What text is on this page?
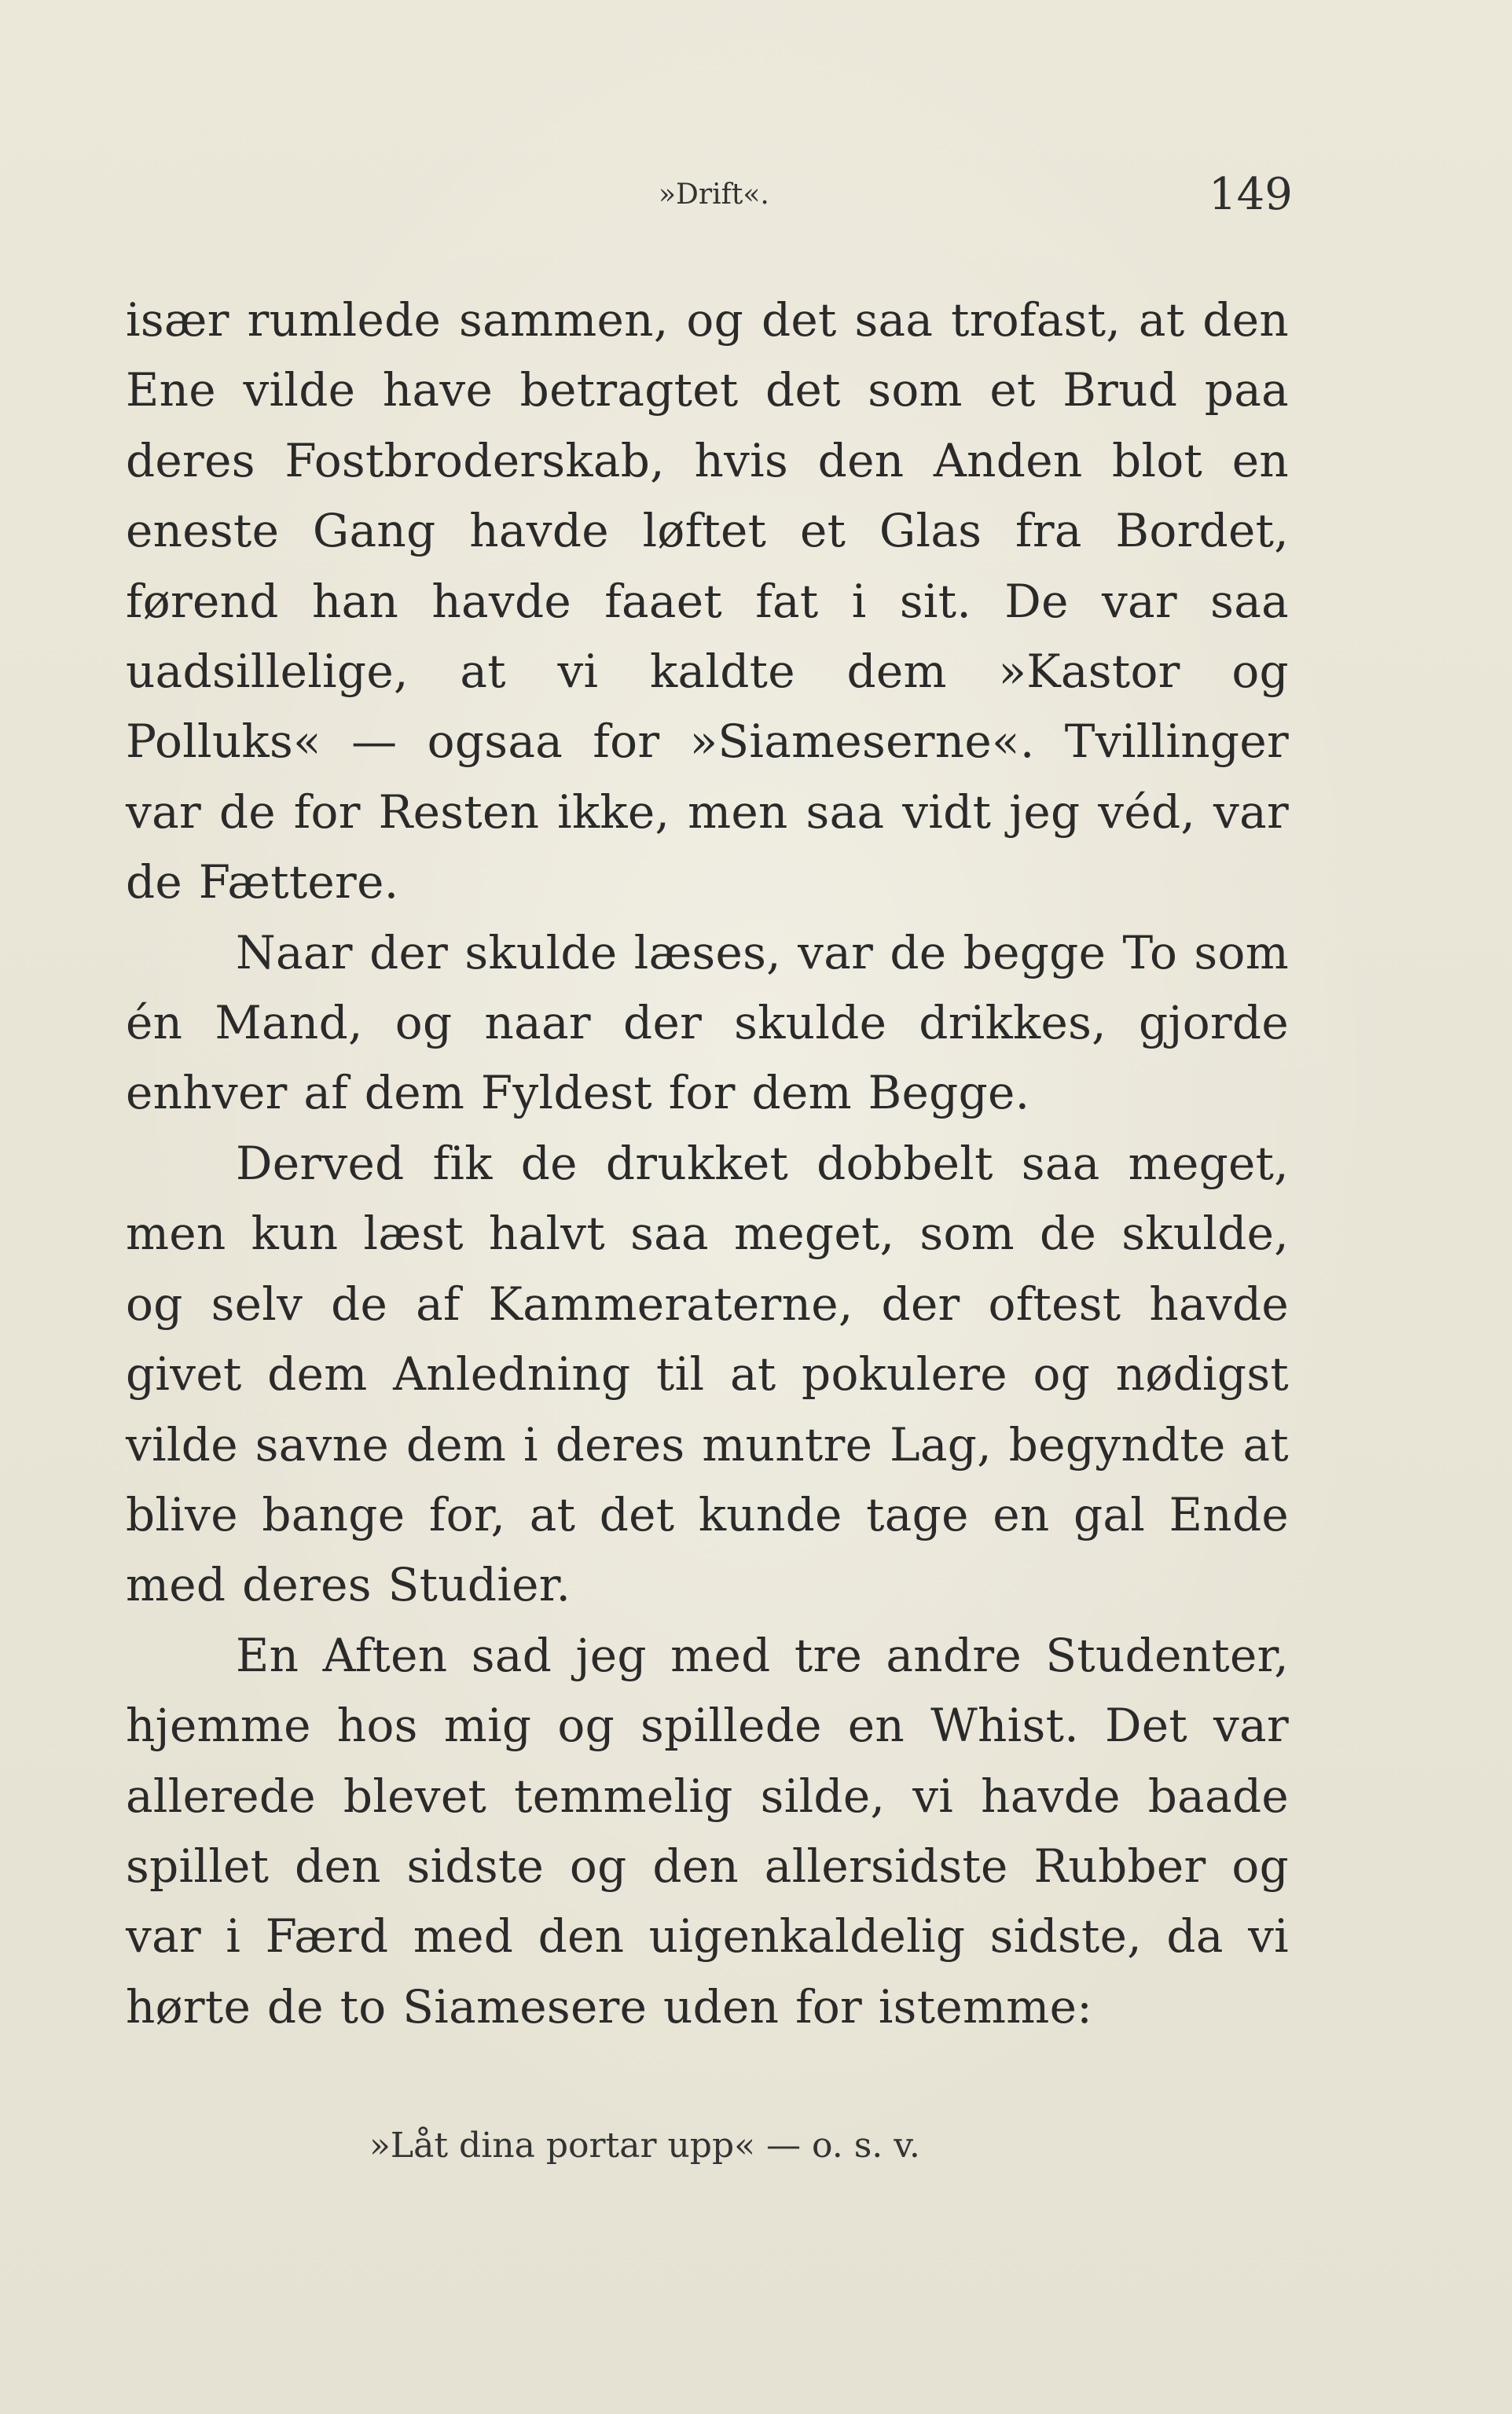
»Drift«.	149

især rumlede sammen, og det saa trofast, at den Ene vilde have betragtet det som et Brud paa deres Fostbroderskab, hvis den Anden blot en eneste Gang havde løftet et Glas fra Bordet, førend han havde faaet fat i sit. De var saa uadsillelige, at vi kaldte dem »Kastor og Polluks« — ogsaa for »Siameserne«. Tvillinger var de for Resten ikke, men saa vidt jeg véd, var de Fættere.

Naar der skulde læses, var de begge To som én Mand, og naar der skulde drikkes, gjorde enhver af dem Fyldest for dem Begge.

Derved fik de drukket dobbelt saa meget, men kun læst halvt saa meget, som de skulde, og selv de af Kammeraterne, der oftest havde givet dem Anledning til at pokulere og nødigst vilde savne dem i deres muntre Lag, begyndte at blive bange for, at det kunde tage en gal Ende med deres Studier.

En Aften sad jeg med tre andre Studenter, hjemme hos mig og spillede en Whist. Det var allerede blevet temmelig silde, vi havde baade spillet den sidste og den allersidste Rubber og var i Færd med den uigenkaldelig sidste, da vi hørte de to Siamesere uden for istemme:

»Låt dina portar upp« — o. s. v.
